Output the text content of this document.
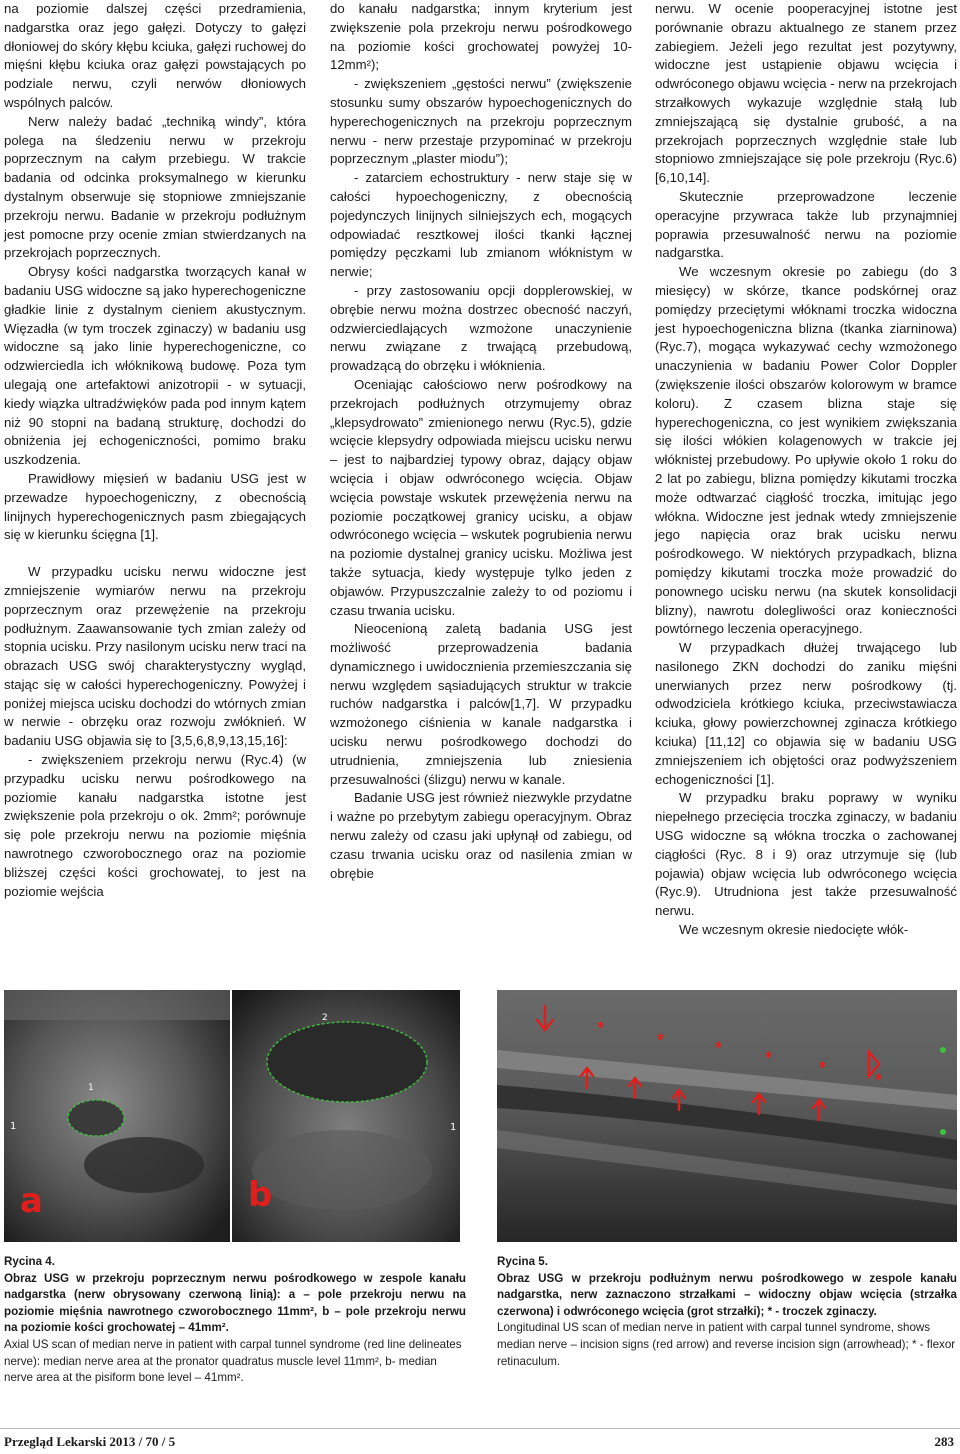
na poziomie dalszej części przedramienia, nadgarstka oraz jego gałęzi. Dotyczy to gałęzi dłoniowej do skóry kłębu kciuka, gałęzi ruchowej do mięśni kłębu kciuka oraz gałęzi powstających po podziale nerwu, czyli nerwów dłoniowych wspólnych palców.

Nerw należy badać „techniką windy”, która polega na śledzeniu nerwu w przekroju poprzecznym na całym przebiegu. W trakcie badania od odcinka proksymalnego w kierunku dystalnym obserwuje się stopniowe zmniejszanie przekroju nerwu. Badanie w przekroju podłużnym jest pomocne przy ocenie zmian stwierdzanych na przekrojach poprzecznych.

Obrysy kości nadgarstka tworzących kanał w badaniu USG widoczne są jako hyperechogeniczne gładkie linie z dystalnym cieniem akustycznym. Więzadła (w tym troczek zginaczy) w badaniu usg widoczne są jako linie hyperechogeniczne, co odzwierciedla ich włóknikową budowę. Poza tym ulegają one artefaktowi anizotropii - w sytuacji, kiedy wiązka ultradźwięków pada pod innym kątem niż 90 stopni na badaną strukturę, dochodzi do obniżenia jej echogeniczności, pomimo braku uszkodzenia.

Prawidłowy mięsień w badaniu USG jest w przewadze hypoechogeniczny, z obecnością linijnych hyperechogenicznych pasm zbiegających się w kierunku ścięgna [1].

W przypadku ucisku nerwu widoczne jest zmniejszenie wymiarów nerwu na przekroju poprzecznym oraz przewężenie na przekroju podłużnym. Zaawansowanie tych zmian zależy od stopnia ucisku. Przy nasilonym ucisku nerw traci na obrazach USG swój charakterystyczny wygląd, stając się w całości hyperechogeniczny. Powyżej i poniżej miejsca ucisku dochodzi do wtórnych zmian w nerwie - obrzęku oraz rozwoju zwłóknień. W badaniu USG objawia się to [3,5,6,8,9,13,15,16]:

- zwiększeniem przekroju nerwu (Ryc.4) (w przypadku ucisku nerwu pośrodkowego na poziomie kanału nadgarstka istotne jest zwiększenie pola przekroju o ok. 2mm²; porównuje się pole przekroju nerwu na poziomie mięśnia nawrotnego czworobocznego oraz na poziomie bliższej części kości grochowatej, to jest na poziomie wejścia

do kanału nadgarstka; innym kryterium jest zwiększenie pola przekroju nerwu pośrodkowego na poziomie kości grochowatej powyżej 10-12mm²);

- zwiększeniem „gęstości nerwu” (zwiększenie stosunku sumy obszarów hypoechogenicznych do hyperechogenicznych na przekroju poprzecznym nerwu - nerw przestaje przypominać w przekroju poprzecznym „plaster miodu”);

- zatarciem echostruktury - nerw staje się w całości hypoechogeniczny, z obecnością pojedynczych linijnych silniejszych ech, mogących odpowiadać resztkowej ilości tkanki łącznej pomiędzy pęczkami lub zmianom włóknistym w nerwie;

- przy zastosowaniu opcji dopplerowskiej, w obrębie nerwu można dostrzec obecność naczyń, odzwierciedlających wzmożone unaczynienie nerwu związane z trwającą przebudową, prowadzącą do obrzęku i włóknienia.

Oceniając całościowo nerw pośrodkowy na przekrojach podłużnych otrzymujemy obraz „klepsydrowato” zmienionego nerwu (Ryc.5), gdzie wcięcie klepsydry odpowiada miejscu ucisku nerwu – jest to najbardziej typowy obraz, dający objaw wcięcia i objaw odwróconego wcięcia. Objaw wcięcia powstaje wskutek przewężenia nerwu na poziomie początkowej granicy ucisku, a objaw odwróconego wcięcia – wskutek pogrubienia nerwu na poziomie dystalnej granicy ucisku. Możliwa jest także sytuacja, kiedy występuje tylko jeden z objawów. Przypuszczalnie zależy to od poziomu i czasu trwania ucisku.

Nieocenioną zaletą badania USG jest możliwość przeprowadzenia badania dynamicznego i uwidocznienia przemieszczania się nerwu względem sąsiadujących struktur w trakcie ruchów nadgarstka i palców[1,7]. W przypadku wzmożonego ciśnienia w kanale nadgarstka i ucisku nerwu pośrodkowego dochodzi do utrudnienia, zmniejszenia lub zniesienia przesuwalności (ślizgu) nerwu w kanale.

Badanie USG jest również niezwykle przydatne i ważne po przebytym zabiegu operacyjnym. Obraz nerwu zależy od czasu jaki upłynął od zabiegu, od czasu trwania ucisku oraz od nasilenia zmian w obrębie

nerwu. W ocenie pooperacyjnej istotne jest porównanie obrazu aktualnego ze stanem przez zabiegiem. Jeżeli jego rezultat jest pozytywny, widoczne jest ustąpienie objawu wcięcia i odwróconego objawu wcięcia - nerw na przekrojach strzałkowych wykazuje względnie stałą lub zmniejszającą się dystalnie grubość, a na przekrojach poprzecznych względnie stałe lub stopniowo zmniejszające się pole przekroju (Ryc.6) [6,10,14].

Skutecznie przeprowadzone leczenie operacyjne przywraca także lub przynajmniej poprawia przesuwalność nerwu na poziomie nadgarstka.

We wczesnym okresie po zabiegu (do 3 miesięcy) w skórze, tkance podskórnej oraz pomiędzy przeciętymi włóknami troczka widoczna jest hypoechogeniczna blizna (tkanka ziarninowa) (Ryc.7), mogąca wykazywać cechy wzmożonego unaczynienia w badaniu Power Color Doppler (zwiększenie ilości obszarów kolorowym w bramce koloru). Z czasem blizna staje się hyperechogeniczna, co jest wynikiem zwiększania się ilości włókien kolagenowych w trakcie jej włóknistej przebudowy. Po upływie około 1 roku do 2 lat po zabiegu, blizna pomiędzy kikutami troczka może odtwarzać ciągłość troczka, imitując jego włókna. Widoczne jest jednak wtedy zmniejszenie jego napięcia oraz brak ucisku nerwu pośrodkowego. W niektórych przypadkach, blizna pomiędzy kikutami troczka może prowadzić do ponownego ucisku nerwu (na skutek konsolidacji blizny), nawrotu dolegliwości oraz konieczności powtórnego leczenia operacyjnego.

W przypadkach dłużej trwającego lub nasilonego ZKN dochodzi do zaniku mięśni unerwianych przez nerw pośrodkowy (tj. odwodziciela krótkiego kciuka, przeciwstawiacza kciuka, głowy powierzchownej zginacza krótkiego kciuka) [11,12] co objawia się w badaniu USG zmniejszeniem ich objętości oraz podwyższeniem echogeniczności [1].

W przypadku braku poprawy w wyniku niepełnego przecięcia troczka zginaczy, w badaniu USG widoczne są włókna troczka o zachowanej ciągłości (Ryc. 8 i 9) oraz utrzymuje się (lub pojawia) objaw wcięcia lub odwróconego wcięcia (Ryc.9). Utrudniona jest także przesuwalność nerwu.

We wczesnym okresie niedocięte włók-

1
1
a
2
1
b
*
*	*
*
*
*
Rycina 4.
Obraz USG w przekroju poprzecznym nerwu pośrodkowego w zespole kanału nadgarstka (nerw obrysowany czerwoną linią): a – pole przekroju nerwu na poziomie mięśnia nawrotnego czworobocznego 11mm², b – pole przekroju nerwu na poziomie kości grochowatej – 41mm².
Axial US scan of median nerve in patient with carpal tunnel syndrome (red line delineates nerve): median nerve area at the pronator quadratus muscle level 11mm², b- median nerve area at the pisiform bone level – 41mm².
Rycina 5.
Obraz USG w przekroju podłużnym nerwu pośrodkowego w zespole kanału nadgarstka, nerw zaznaczono strzałkami – widoczny objaw wcięcia (strzałka czerwona) i odwróconego wcięcia (grot strzałki); * - troczek zginaczy.
Longitudinal US scan of median nerve in patient with carpal tunnel syndrome, shows median nerve – incision signs (red arrow) and reverse incision sign (arrowhead); * - flexor retinaculum.
Przegląd Lekarski 2013 / 70 / 5	283
